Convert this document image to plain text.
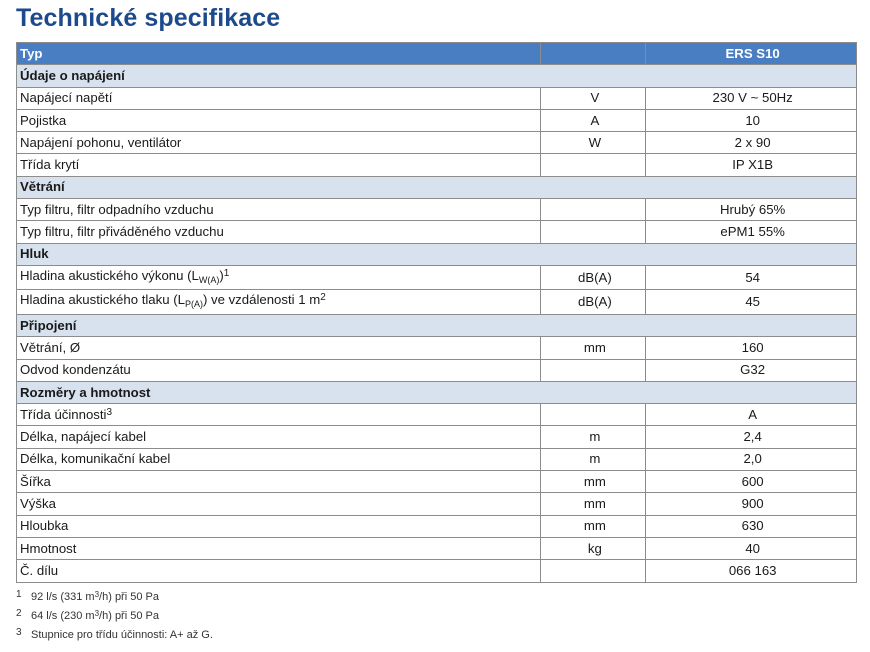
Technické specifikace
Typ		ERS S10
Údaje o napájení		
Napájecí napětí	V	230 V ~ 50Hz
Pojistka	A	10
Napájení pohonu, ventilátor	W	2 x 90
Třída krytí		IP X1B
Větrání		
Typ filtru, filtr odpadního vzduchu		Hrubý 65%
Typ filtru, filtr přiváděného vzduchu		ePM1 55%
Hluk		
Hladina akustického výkonu $(L_{W(A)})^1$	dB(A)	54
Hladina akustického tlaku $(L_{P(A)})$ ve vzdálenosti 1 $m^2$	dB(A)	45
Připojení		
Větrání, Ø	mm	160
Odvod kondenzátu		G32
Rozměry a hmotnost		
Třída účinnosti$^3$		A
Délka, napájecí kabel	m	2,4
Délka, komunikační kabel	m	2,0
Šířka	mm	600
Výška	mm	900
Hloubka	mm	630
Hmotnost	kg	40
Č. dílu		066 163
1 92 l/s (331 $m^3/h$) při 50 Pa
2 64 l/s (230 $m^3/h$) při 50 Pa
3 Stupnice pro třídu účinnosti: A+ až G.
